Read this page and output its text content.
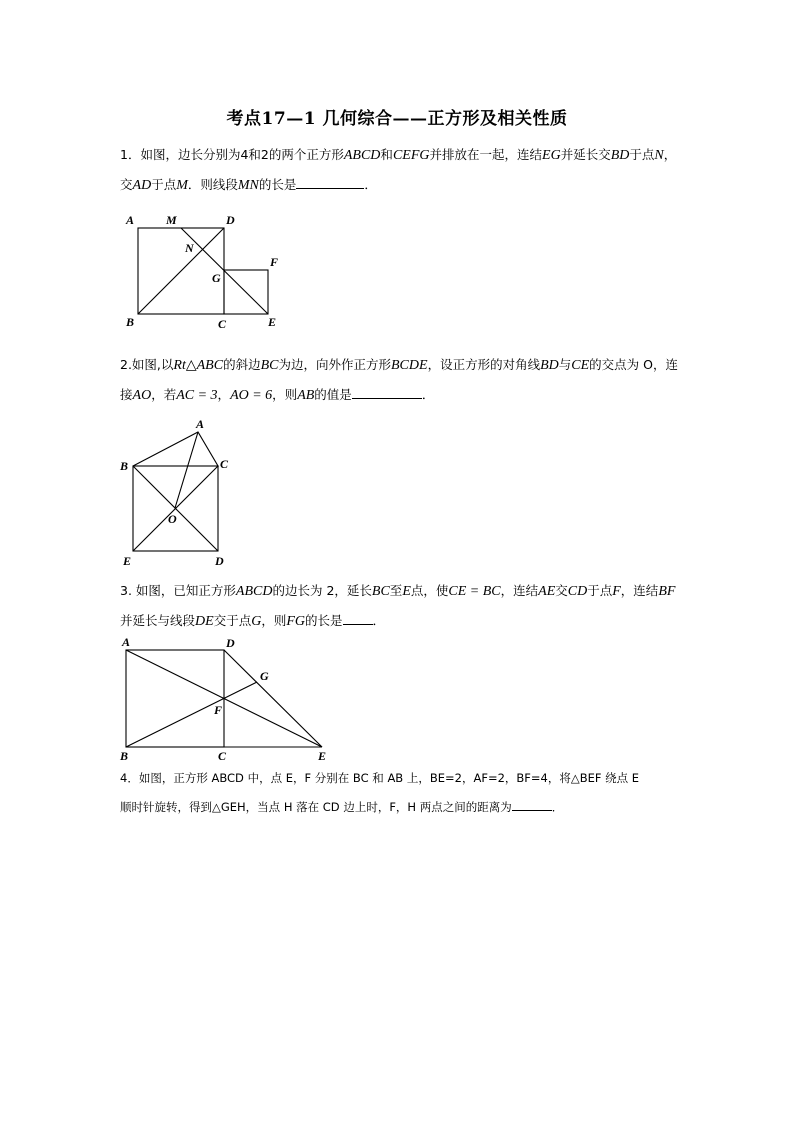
考点17—1 几何综合——正方形及相关性质

1．如图，边长分别为4和2的两个正方形ABCD和CEFG并排放在一起，连结EG并延长交BD于点N，交AD于点M．则线段MN的长是	．

A	M	D
N
G
F
B	C	E
A
B	C
O
E	D
A	D
G
F
B	C	E

2.如图,以Rt△ABC的斜边BC为边，向外作正方形BCDE，设正方形的对角线BD与CE的交点为 O，连接AO，若AC = 3，AO = 6，则AB的值是	．

3. 如图，已知正方形ABCD的边长为 2，延长BC至E点，使CE = BC，连结AE交CD于点F，连结BF并延长与线段DE交于点G，则FG的长是 ．

4．如图，正方形 ABCD 中，点 E，F 分别在 BC 和 AB 上，BE=2，AF=2，BF=4，将△BEF 绕点 E
顺时针旋转，得到△GEH，当点 H 落在 CD 边上时，F，H 两点之间的距离为	．
